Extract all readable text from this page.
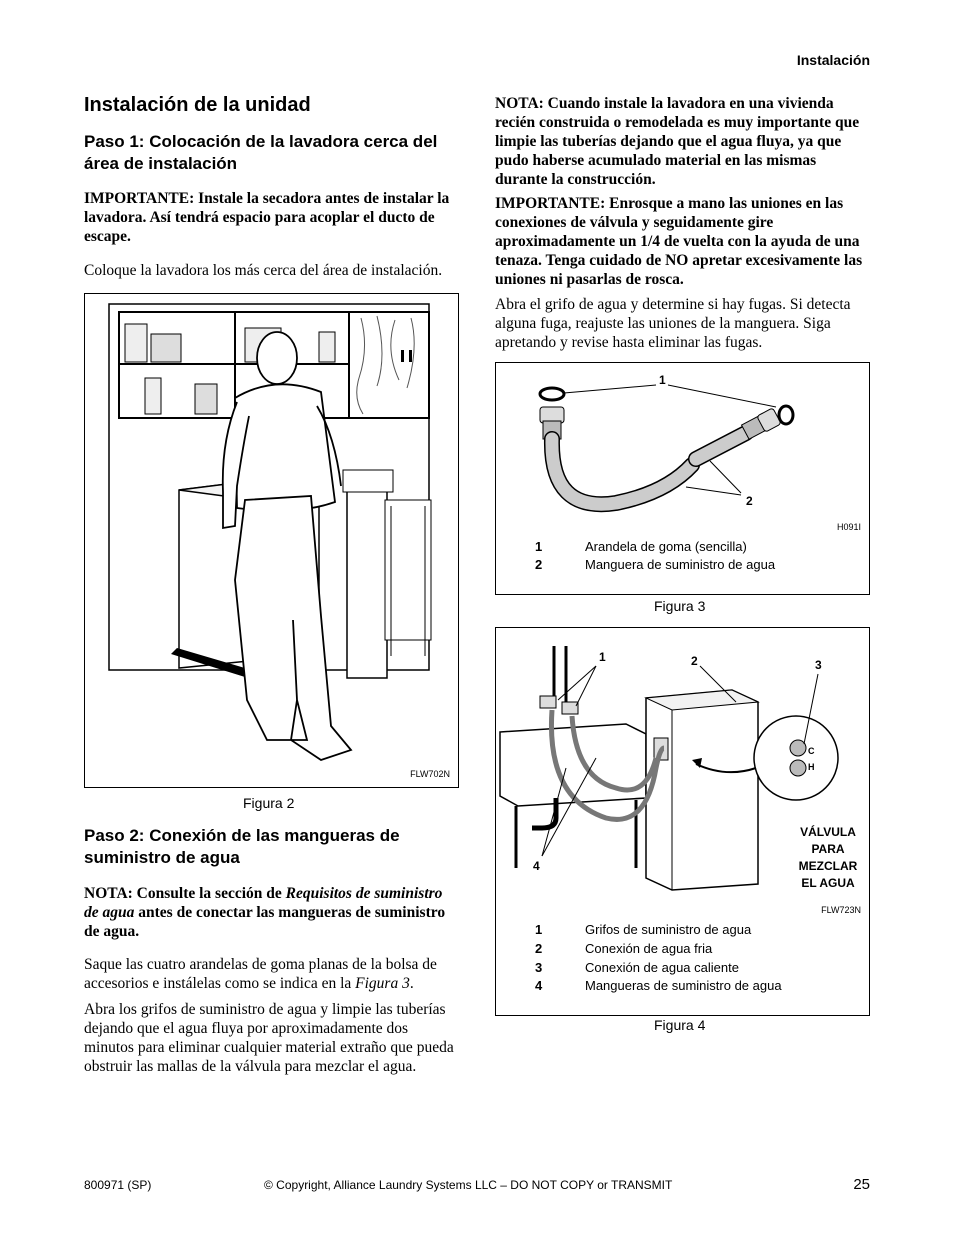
Instalación
Instalación de la unidad
Paso 1: Colocación de la lavadora cerca del área de instalación
IMPORTANTE: Instale la secadora antes de instalar la lavadora. Así tendrá espacio para acoplar el ducto de escape.
Coloque la lavadora los más cerca del área de instalación.
FLW702N
Figura 2
Paso 2: Conexión de las mangueras de suministro de agua
NOTA: Consulte la sección de Requisitos de suministro de agua antes de conectar las mangueras de suministro de agua.
Saque las cuatro arandelas de goma planas de la bolsa de accesorios e instálelas como se indica en la Figura 3.
Abra los grifos de suministro de agua y limpie las tuberías dejando que el agua fluya por aproximadamente dos minutos para eliminar cualquier material extraño que pueda obstruir las mallas de la válvula para mezclar el agua.
NOTA: Cuando instale la lavadora en una vivienda recién construida o remodelada es muy importante que limpie las tuberías dejando que el agua fluya, ya que pudo haberse acumulado material en las mismas durante la construcción.
IMPORTANTE: Enrosque a mano las uniones en las conexiones de válvula y seguidamente gire aproximadamente un 1/4 de vuelta con la ayuda de una tenaza. Tenga cuidado de NO apretar excesivamente las uniones ni pasarlas de rosca.
Abra el grifo de agua y determine si hay fugas. Si detecta alguna fuga, reajuste las uniones de la manguera. Siga apretando y revise hasta eliminar las fugas.
1
2
H091I
1	Arandela de goma (sencilla)
2	Manguera de suministro de agua
Figura 3
1	2	3
4
C
H
VÁLVULA
PARA
MEZCLAR
EL AGUA
FLW723N
1	Grifos de suministro de agua
2	Conexión de agua fria
3	Conexión de agua caliente
4	Mangueras de suministro de agua
Figura 4
800971 (SP)	© Copyright, Alliance Laundry Systems LLC – DO NOT COPY or TRANSMIT	25
